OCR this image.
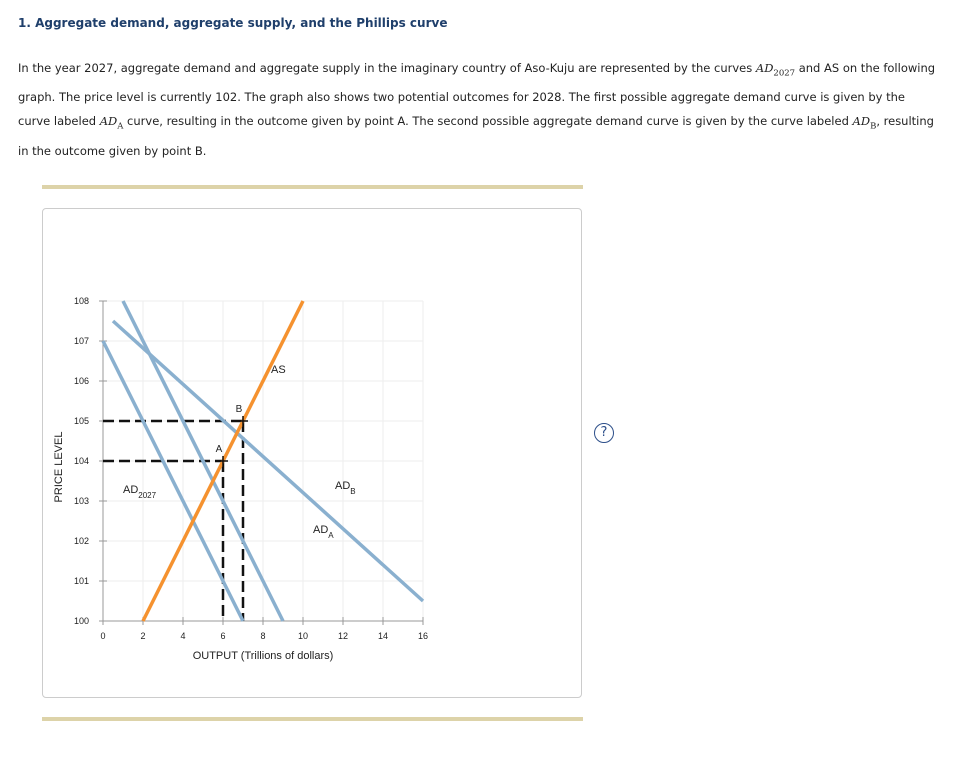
1. Aggregate demand, aggregate supply, and the Phillips curve
In the year 2027, aggregate demand and aggregate supply in the imaginary country of Aso-Kuju are represented by the curves $AD_{2027}$ and AS on the following graph. The price level is currently 102. The graph also shows two potential outcomes for 2028. The first possible aggregate demand curve is given by the curve labeled $AD_A$ curve, resulting in the outcome given by point A. The second possible aggregate demand curve is given by the curve labeled $AD_B$, resulting in the outcome given by point B.
?
100
101
102
103
104
105
106
107
108
0	2	4	6	8	10	12	14	16
OUTPUT (Trillions of dollars)
PRICE LEVEL	A
B
$AD_{2027}$
$AD_A$
$AD_B$
AS
